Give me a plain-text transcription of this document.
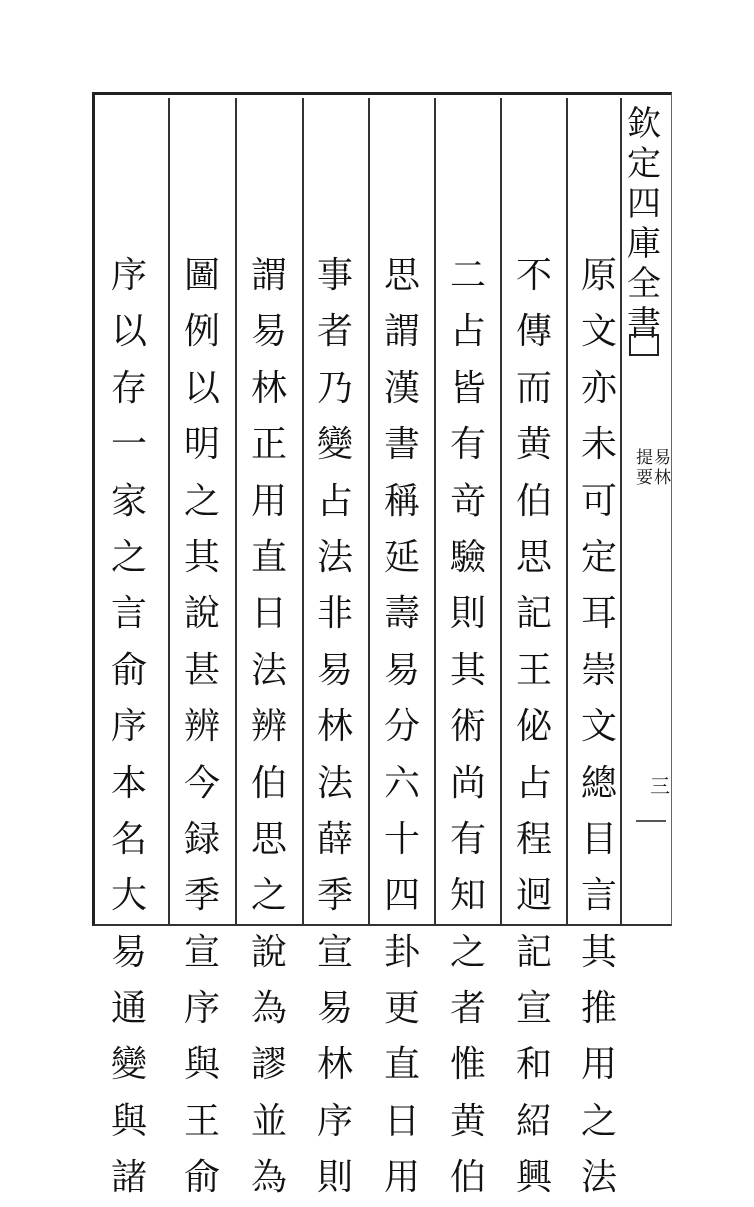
欽
定
四
庫
全
書
提
要
易
林
三
原
文
亦
未
可
定
耳
崇
文
總
目
言
其
推
用
之
法
不
傳
而
黄
伯
思
記
王
佖
占
程
迥
記
宣
和
紹
興
二
占
皆
有
竒
驗
則
其
術
尚
有
知
之
者
惟
黄
伯
思
謂
漢
書
稱
延
壽
易
分
六
十
四
卦
更
直
日
用
事
者
乃
變
占
法
非
易
林
法
薛
季
宣
易
林
序
則
謂
易
林
正
用
直
日
法
辨
伯
思
之
說
為
謬
並
為
圖
例
以
明
之
其
說
甚
辨
今
録
季
宣
序
與
王
俞
序
以
存
一
家
之
言
俞
序
本
名
大
易
通
變
與
諸
